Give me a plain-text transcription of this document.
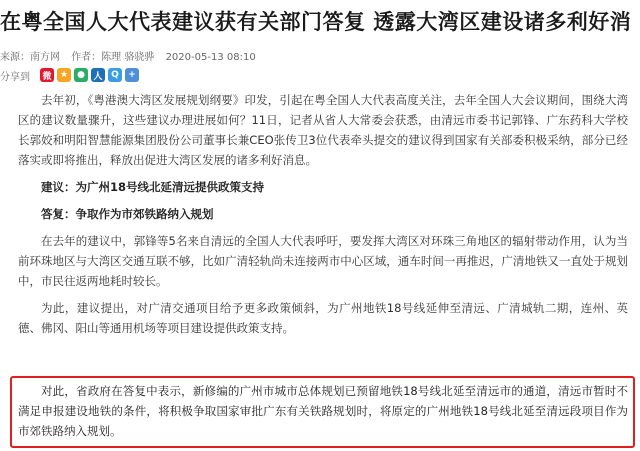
在粤全国人大代表建议获有关部门答复 透露大湾区建设诸多利好消
来源：南方网 作者：陈理 骆骁骅 2020-05-13 08:10
分享到 微 ★	● 人 Q	+

去年初，《粤港澳大湾区发展规划纲要》印发，引起在粤全国人大代表高度关注，去年全国人大会议期间，围绕大湾区的建议数量骤升，这些建议办理进展如何？11日，记者从省人大常委会获悉，由清远市委书记郭锋、广东药科大学校长郭姣和明阳智慧能源集团股份公司董事长兼CEO张传卫3位代表牵头提交的建议得到国家有关部委积极采纳，部分已经落实或即将推出，释放出促进大湾区发展的诸多利好消息。

建议：为广州18号线北延清远提供政策支持

答复：争取作为市郊铁路纳入规划

在去年的建议中，郭锋等5名来自清远的全国人大代表呼吁，要发挥大湾区对环珠三角地区的辐射带动作用，认为当前环珠地区与大湾区交通互联不够，比如广清轻轨尚未连接两市中心区域，通车时间一再推迟，广清地铁又一直处于规划中，市民往返两地耗时较长。

为此，建议提出，对广清交通项目给予更多政策倾斜，为广州地铁18号线延伸至清远、广清城轨二期，连州、英德、佛冈、阳山等通用机场等项目建设提供政策支持。

对此，省政府在答复中表示，新修编的广州市城市总体规划已预留地铁18号线北延至清远市的通道，清远市暂时不满足申报建设地铁的条件，将积极争取国家审批广东有关铁路规划时，将原定的广州地铁18号线北延至清远段项目作为市郊铁路纳入规划。
